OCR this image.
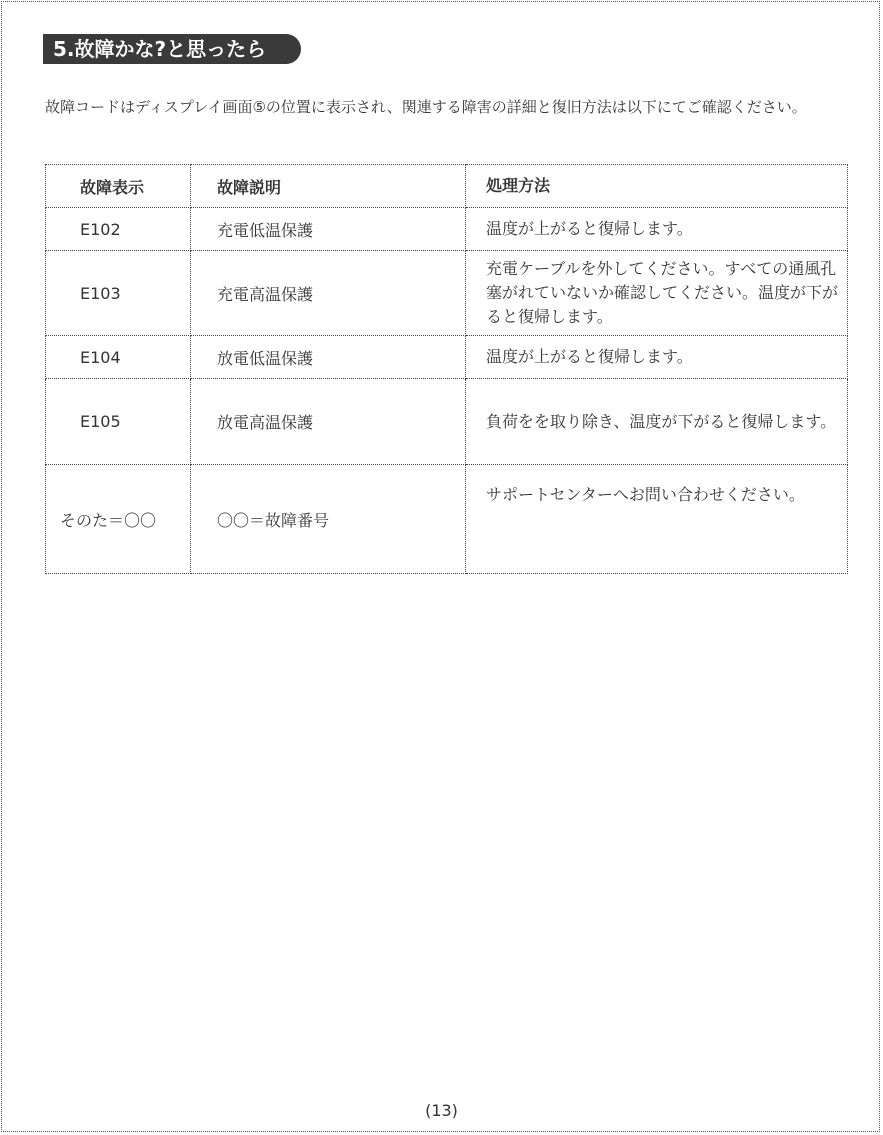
5.故障かな?と思ったら
故障コードはディスプレイ画面⑤の位置に表示され、関連する障害の詳細と復旧方法は以下にてご確認ください。
故障表示	故障説明	処理方法
E102	充電低温保護	温度が上がると復帰します。
E103	充電高温保護	充電ケーブルを外してください。すべての通風孔塞がれていないか確認してください。温度が下がると復帰します。
E104	放電低温保護	温度が上がると復帰します。
E105	放電高温保護	負荷をを取り除き、温度が下がると復帰します。
そのた＝〇〇	〇〇＝故障番号	サポートセンターへお問い合わせください。
(13)
